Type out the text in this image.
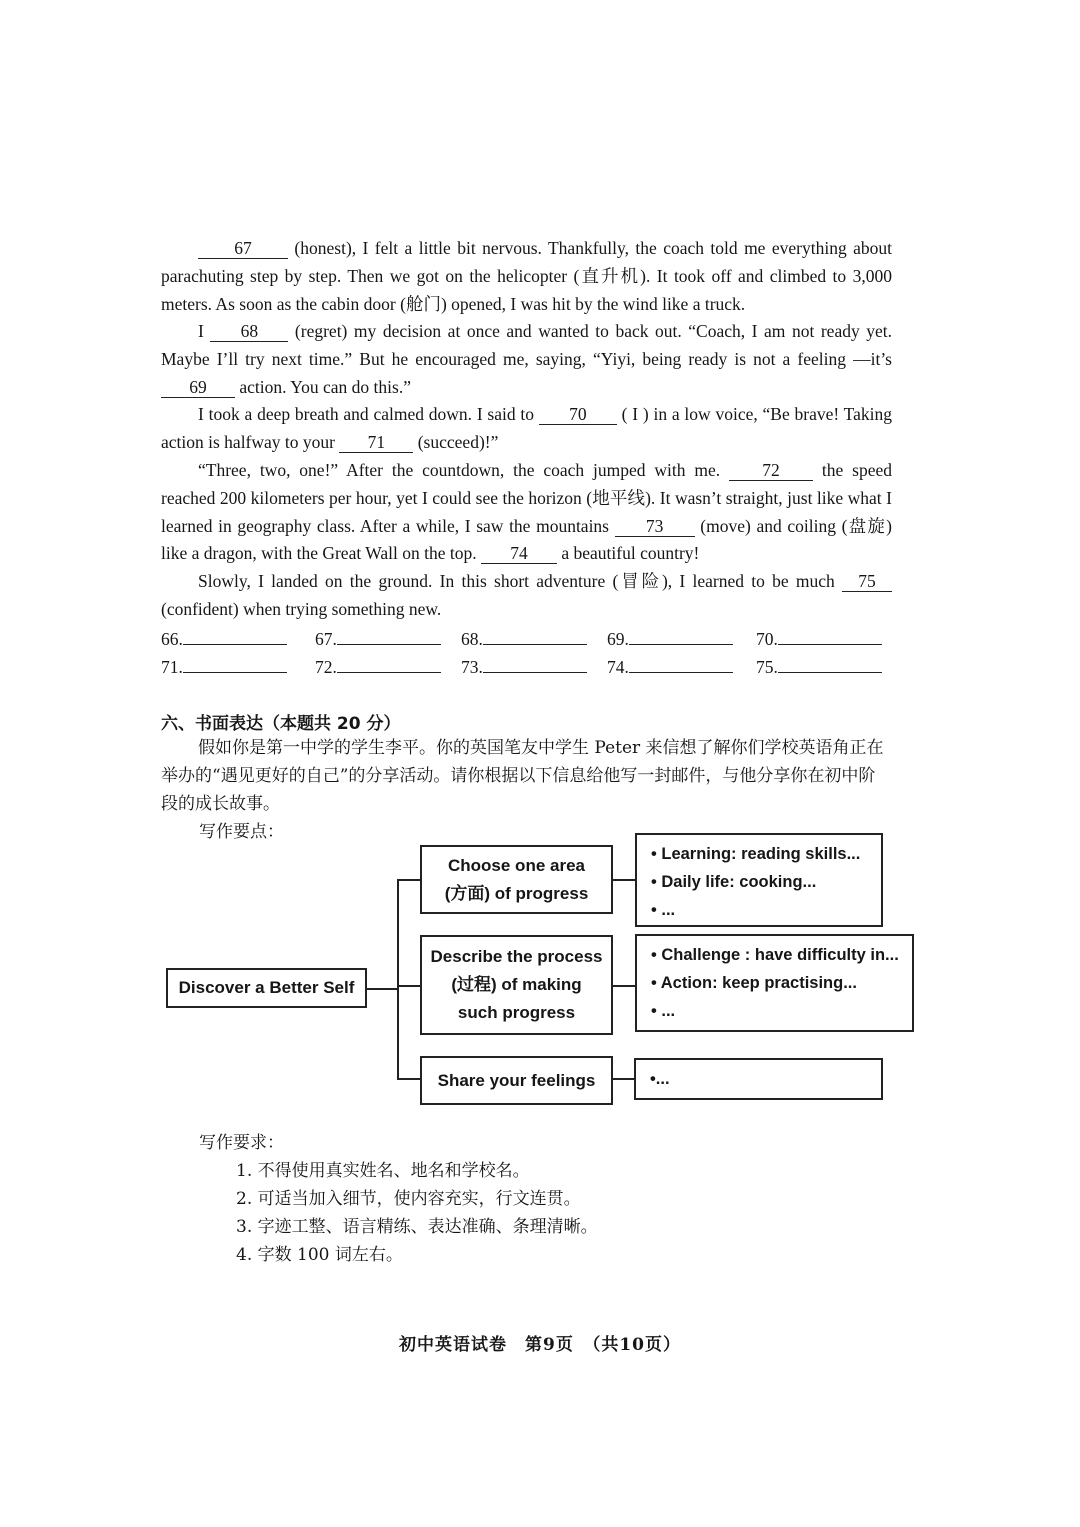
67 (honest), I felt a little bit nervous. Thankfully, the coach told me everything about parachuting step by step. Then we got on the helicopter (直升机). It took off and climbed to 3,000 meters. As soon as the cabin door (舱门) opened, I was hit by the wind like a truck.

I 68 (regret) my decision at once and wanted to back out. “Coach, I am not ready yet. Maybe I’ll try next time.” But he encouraged me, saying, “Yiyi, being ready is not a feeling —it’s 69 action. You can do this.”

I took a deep breath and calmed down. I said to 70 ( I ) in a low voice, “Be brave! Taking action is halfway to your 71 (succeed)!”

“Three, two, one!” After the countdown, the coach jumped with me. 72 the speed reached 200 kilometers per hour, yet I could see the horizon (地平线). It wasn’t straight, just like what I learned in geography class. After a while, I saw the mountains 73 (move) and coiling (盘旋) like a dragon, with the Great Wall on the top. 74 a beautiful country!

Slowly, I landed on the ground. In this short adventure (冒险), I learned to be much 75 (confident) when trying something new.

66.	67.	68.	69.	70.
71.	72.	73.	74.	75.
六、书面表达（本题共 20 分）

假如你是第一中学的学生李平。你的英国笔友中学生 Peter 来信想了解你们学校英语角正在举办的“遇见更好的自己”的分享活动。请你根据以下信息给他写一封邮件，与他分享你在初中阶段的成长故事。

写作要点：
Discover a Better Self
Choose one area
(方面) of progress
Describe the process
(过程) of making
such progress
Share your feelings
• Learning: reading skills...
• Daily life: cooking...
• ...
• Challenge : have difficulty in...
• Action: keep practising...
• ...
•...
写作要求：
1. 不得使用真实姓名、地名和学校名。
2. 可适当加入细节，使内容充实，行文连贯。
3. 字迹工整、语言精练、表达准确、条理清晰。
4. 字数 100 词左右。
初中英语试卷　第9页　（共10页）
